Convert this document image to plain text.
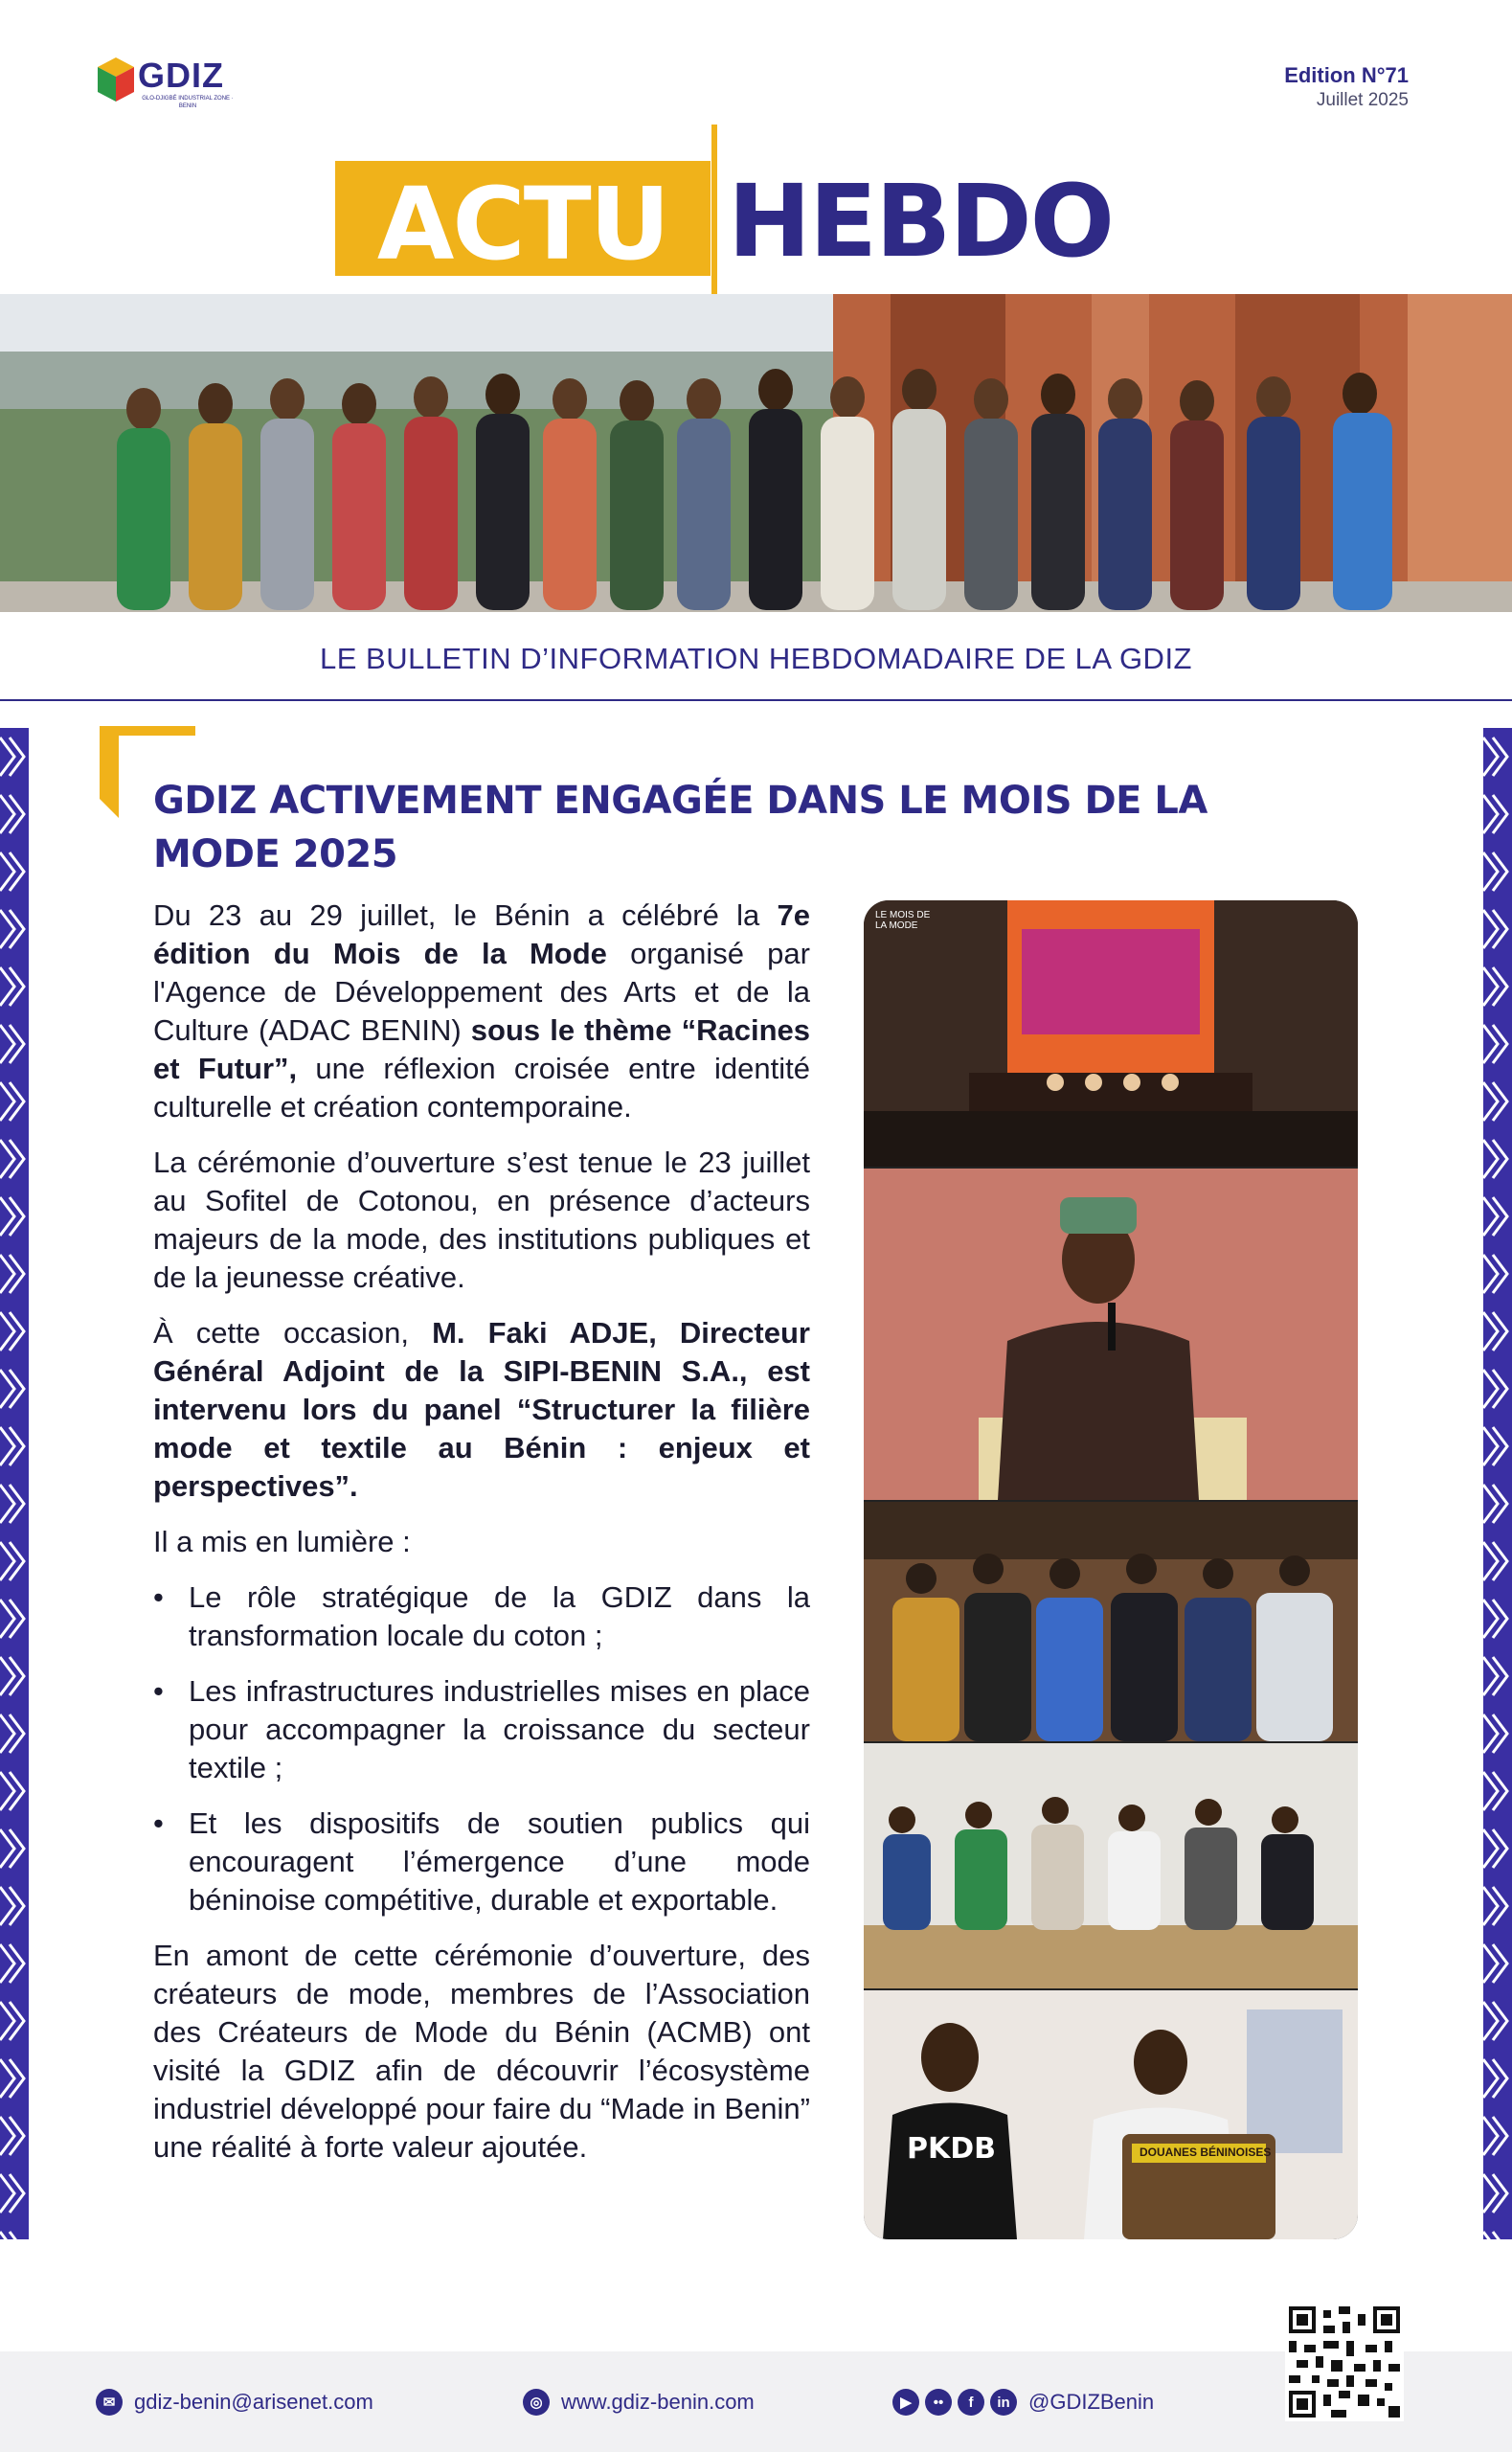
GDIZ
GLO-DJIGBÉ INDUSTRIAL ZONE · BENIN
Edition N°71
Juillet 2025
ACTU HEBDO
LE BULLETIN D’INFORMATION HEBDOMADAIRE DE LA GDIZ
GDIZ ACTIVEMENT ENGAGÉE DANS LE MOIS DE LA
MODE 2025

Du 23 au 29 juillet, le Bénin a célébré la 7e édition du Mois de la Mode organisé par l'Agence de Développement des Arts et de la Culture (ADAC BENIN) sous le thème “Racines et Futur”, une réflexion croisée entre identité culturelle et création contemporaine.

La cérémonie d’ouverture s’est tenue le 23 juillet au Sofitel de Cotonou, en présence d’acteurs majeurs de la mode, des institutions publiques et de la jeunesse créative.

À cette occasion, M. Faki ADJE, Directeur Général Adjoint de la SIPI-BENIN S.A., est intervenu lors du panel “Structurer la filière mode et textile au Bénin : enjeux et perspectives”.

Il a mis en lumière :

• Le rôle stratégique de la GDIZ dans la transformation locale du coton ;
• Les infrastructures industrielles mises en place pour accompagner la croissance du secteur textile ;
• Et les dispositifs de soutien publics qui encouragent l’émergence d’une mode béninoise compétitive, durable et exportable.

En amont de cette cérémonie d’ouverture, des créateurs de mode, membres de l’Association des Créateurs de Mode du Bénin (ACMB) ont visité la GDIZ afin de découvrir l’écosystème industriel développé pour faire du “Made in Benin” une réalité à forte valeur ajoutée.

LE MOIS DE LA MODE
PKDB	DOUANES BÉNINOISES
✉ gdiz-benin@arisenet.com	◎ www.gdiz-benin.com	▶	••	f	in @GDIZBenin
